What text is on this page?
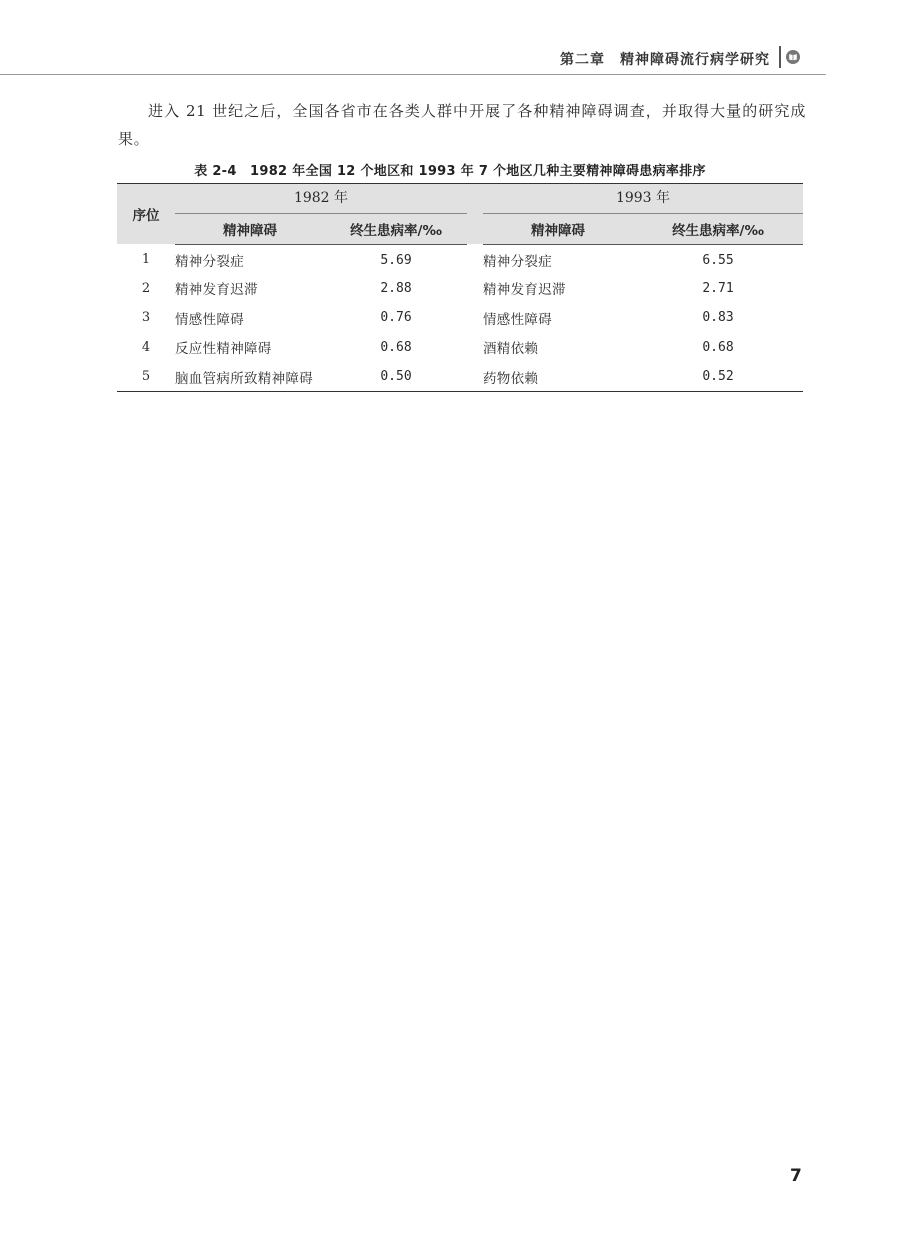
第二章　精神障碍流行病学研究

进入 21 世纪之后，全国各省市在各类人群中开展了各种精神障碍调查，并取得大量的研究成果。

表 2-4　1982 年全国 12 个地区和 1993 年 7 个地区几种主要精神障碍患病率排序
序位	1982 年			1993 年	

	精神障碍	终生患病率/‰		精神障碍	终生患病率/‰
1	精神分裂症	5.69		精神分裂症	6.55
2	精神发育迟滞	2.88		精神发育迟滞	2.71
3	情感性障碍	0.76		情感性障碍	0.83
4	反应性精神障碍	0.68		酒精依赖	0.68
5	脑血管病所致精神障碍	0.50		药物依赖	0.52
7
